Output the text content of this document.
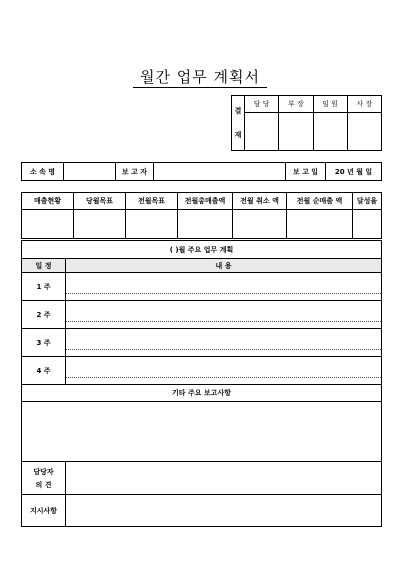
월간 업무 계획서
결
재	담 당	부 장	임 원	사 장

소 속 명		보 고 자		보 고 일	20 년 월 일
매출현황	당월목표	전월목표	전월총매출액	전월 취소 액	전월 순매출 액	달성율

( )월 주요 업무 계획	
일 정	내 용
1 주	

2 주	

3 주	

4 주	

기타 주요 보고사항	

담당자
의 견	

지시사항	
